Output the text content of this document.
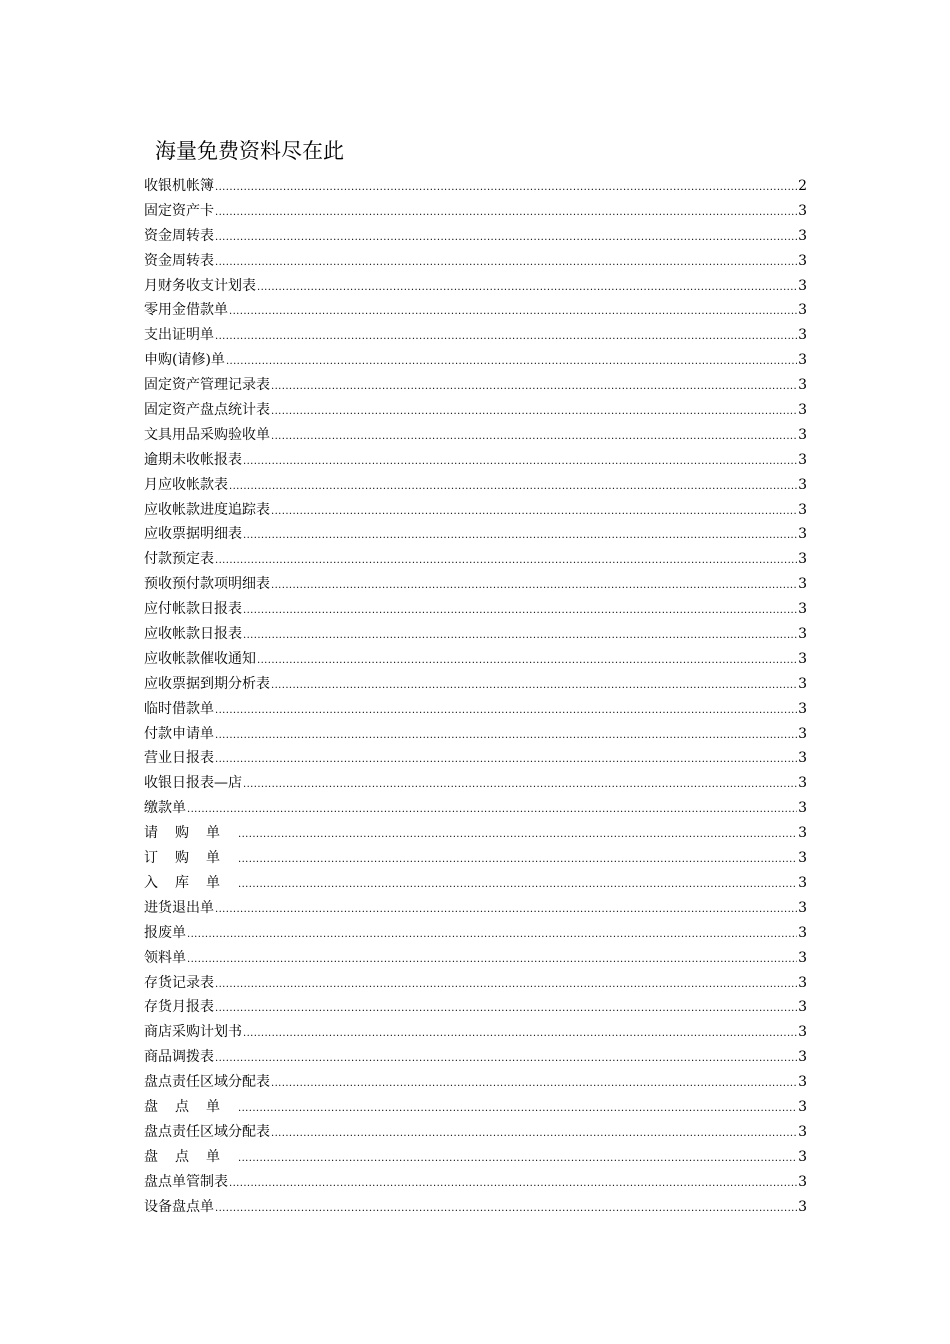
海量免费资料尽在此
收银机帐簿 .....	2
固定资产卡 .....	3
资金周转表 .....	3
资金周转表 .....	3
月财务收支计划表 .....	3
零用金借款单 .....	3
支出证明单 .....	3
申购(请修)单 .....	3
固定资产管理记录表 .....	3
固定资产盘点统计表 .....	3
文具用品采购验收单 .....	3
逾期未收帐报表 .....	3
月应收帐款表 .....	3
应收帐款进度追踪表 .....	3
应收票据明细表 .....	3
付款预定表 .....	3
预收预付款项明细表 .....	3
应付帐款日报表 .....	3
应收帐款日报表 .....	3
应收帐款催收通知 .....	3
应收票据到期分析表 .....	3
临时借款单 .....	3
付款申请单 .....	3
营业日报表 .....	3
收银日报表—店 .....	3
缴款单 .....	3
请购单 .....	3
订购单 .....	3
入库单 .....	3
进货退出单 .....	3
报废单 .....	3
领料单 .....	3
存货记录表 .....	3
存货月报表 .....	3
商店采购计划书 .....	3
商品调拨表 .....	3
盘点责任区域分配表 .....	3
盘点单 .....	3
盘点责任区域分配表 .....	3
盘点单 .....	3
盘点单管制表 .....	3
设备盘点单 .....	3
